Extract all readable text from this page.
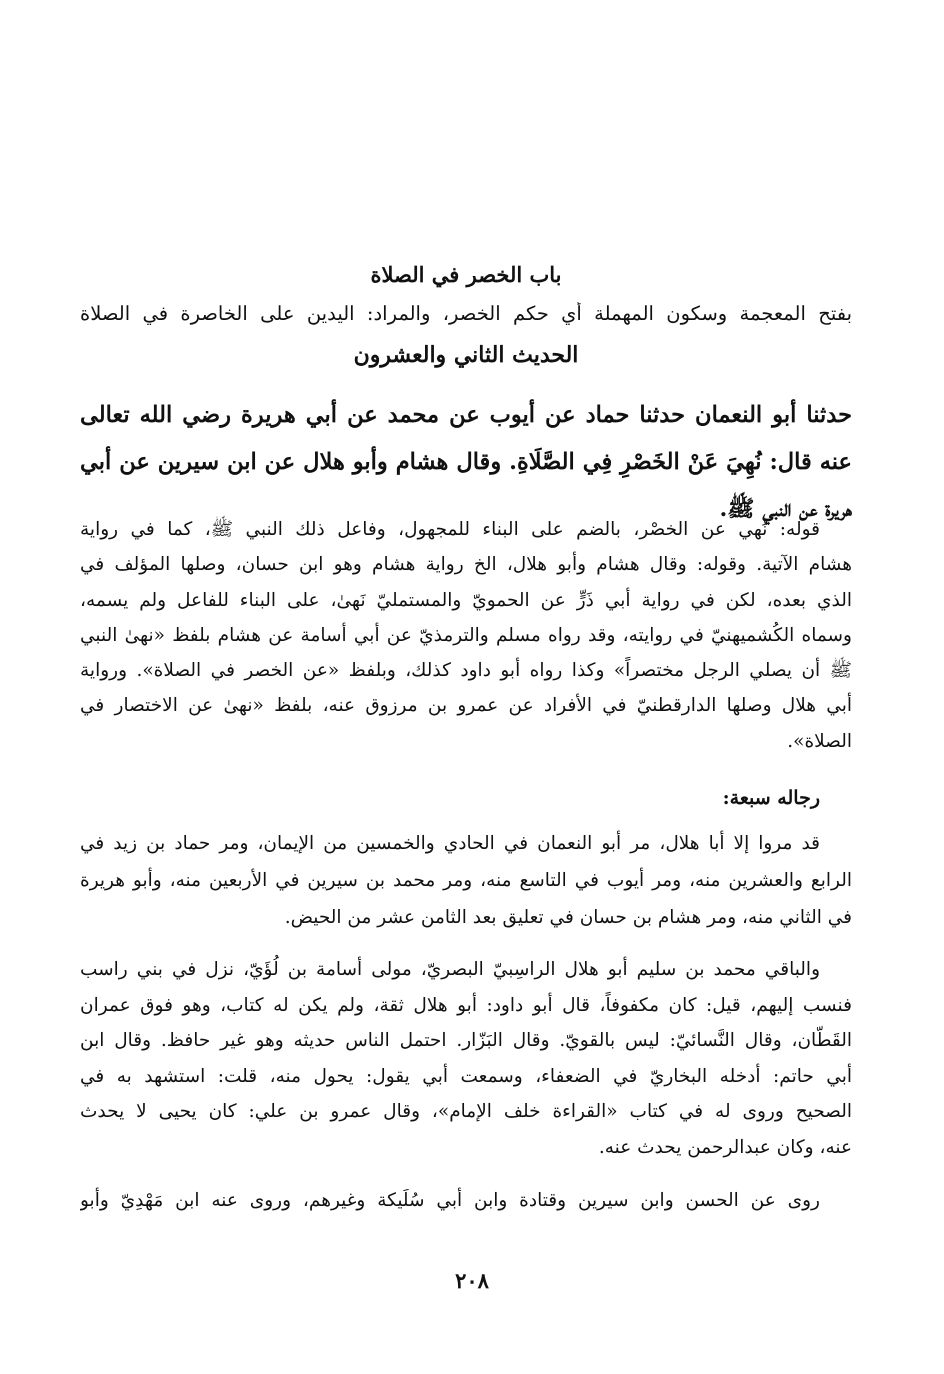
باب الخصر في الصلاة
بفتح المعجمة وسكون المهملة أي حكم الخصر، والمراد: اليدين على الخاصرة في الصلاة
الحديث الثاني والعشرون
حدثنا أبو النعمان حدثنا حماد عن أيوب عن محمد عن أبي هريرة رضي الله تعالى
عنه قال: نُهِيَ عَنْ الخَصْرِ فِي الصَّلَاةِ. وقال هشام وأبو هلال عن ابن سيرين عن أبي
هريرة عن النبي ﷺ.
قوله: نُهي عن الخصْر، بالضم على البناء للمجهول، وفاعل ذلك النبي ﷺ، كما في رواية
هشام الآتية. وقوله: وقال هشام وأبو هلال، الخ رواية هشام وهو ابن حسان، وصلها المؤلف في
الذي بعده، لكن في رواية أبي ذَرٍّ عن الحمويّ والمستمليّ نَهىٰ، على البناء للفاعل ولم يسمه،
وسماه الكُشميهنيّ في روايته، وقد رواه مسلم والترمذيّ عن أبي أسامة عن هشام بلفظ «نهىٰ النبي
ﷺ أن يصلي الرجل مختصراً» وكذا رواه أبو داود كذلك، وبلفظ «عن الخصر في الصلاة». ورواية
أبي هلال وصلها الدارقطنيّ في الأفراد عن عمرو بن مرزوق عنه، بلفظ «نهىٰ عن الاختصار في
الصلاة».
رجاله سبعة:
قد مروا إلا أبا هلال، مر أبو النعمان في الحادي والخمسين من الإيمان، ومر حماد بن زيد في
الرابع والعشرين منه، ومر أيوب في التاسع منه، ومر محمد بن سيرين في الأربعين منه، وأبو هريرة
في الثاني منه، ومر هشام بن حسان في تعليق بعد الثامن عشر من الحيض.
والباقي محمد بن سليم أبو هلال الراسِبيّ البصريّ، مولى أسامة بن لُؤَيّ، نزل في بني راسب
فنسب إليهم، قيل: كان مكفوفاً، قال أبو داود: أبو هلال ثقة، ولم يكن له كتاب، وهو فوق عمران
القَطّان، وقال النَّسائيّ: ليس بالقويّ. وقال البَزّار. احتمل الناس حديثه وهو غير حافظ. وقال ابن
أبي حاتم: أدخله البخاريّ في الضعفاء، وسمعت أبي يقول: يحول منه، قلت: استشهد به في
الصحيح وروى له في كتاب «القراءة خلف الإمام»، وقال عمرو بن علي: كان يحيى لا يحدث
عنه، وكان عبدالرحمن يحدث عنه.
روى عن الحسن وابن سيرين وقتادة وابن أبي سُلَيكة وغيرهم، وروى عنه ابن مَهْدِيّ وأبو
٢٠٨
